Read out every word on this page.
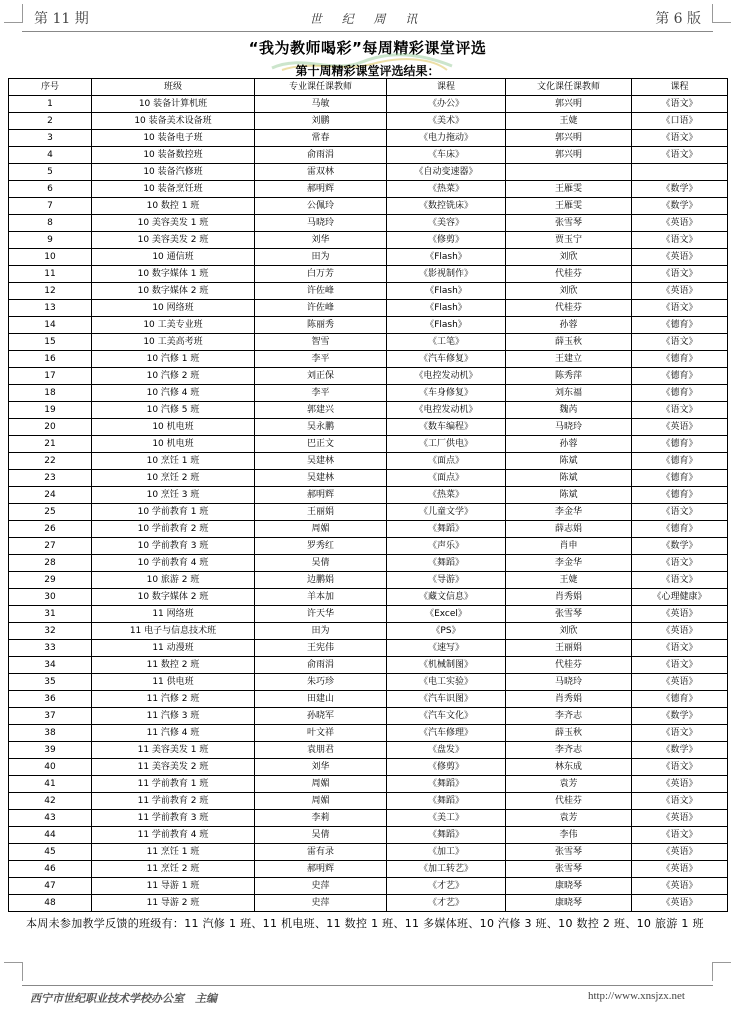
第 11 期	世 纪 周 讯	第 6 版
“我为教师喝彩”每周精彩课堂评选
第十周精彩课堂评选结果：
序号	班级	专业课任课教师	课程	文化课任课教师	课程
1	10 装备计算机班	马敏	《办公》	郭兴明	《语文》
2	10 装备美术设备班	刘鹏	《美术》	王婕	《口语》
3	10 装备电子班	常春	《电力拖动》	郭兴明	《语文》
4	10 装备数控班	俞雨涓	《车床》	郭兴明	《语文》
5	10 装备汽修班	雷双林	《自动变速器》		
6	10 装备烹饪班	郝明辉	《热菜》	王雁雯	《数学》
7	10 数控 1 班	公佩玲	《数控铣床》	王雁雯	《数学》
8	10 美容美发 1 班	马晓玲	《美容》	张雪琴	《英语》
9	10 美容美发 2 班	刘华	《修剪》	贾玉宁	《语文》
10	10 通信班	田为	《Flash》	刘欣	《英语》
11	10 数字媒体 1 班	白万芳	《影视制作》	代桂芬	《语文》
12	10 数字媒体 2 班	许佐峰	《Flash》	刘欣	《英语》
13	10 网络班	许佐峰	《Flash》	代桂芬	《语文》
14	10 工美专业班	陈丽秀	《Flash》	孙蓉	《德育》
15	10 工美高考班	智雪	《工笔》	薛玉秋	《语文》
16	10 汽修 1 班	李平	《汽车修复》	王建立	《德育》
17	10 汽修 2 班	刘正保	《电控发动机》	陈秀萍	《德育》
18	10 汽修 4 班	李平	《车身修复》	刘东福	《德育》
19	10 汽修 5 班	郭建兴	《电控发动机》	魏芮	《语文》
20	10 机电班	吴永鹏	《数车编程》	马晓玲	《英语》
21	10 机电班	巴正文	《工厂供电》	孙蓉	《德育》
22	10 烹饪 1 班	吴建林	《面点》	陈斌	《德育》
23	10 烹饪 2 班	吴建林	《面点》	陈斌	《德育》
24	10 烹饪 3 班	郝明辉	《热菜》	陈斌	《德育》
25	10 学前教育 1 班	王丽娟	《儿童文学》	李金华	《语文》
26	10 学前教育 2 班	周媚	《舞蹈》	薛志娟	《德育》
27	10 学前教育 3 班	罗秀红	《声乐》	肖申	《数学》
28	10 学前教育 4 班	吴倩	《舞蹈》	李金华	《语文》
29	10 旅游 2 班	边鹏娟	《导游》	王婕	《语文》
30	10 数字媒体 2 班	羊本加	《藏文信息》	肖秀娟	《心理健康》
31	11 网络班	许天华	《Excel》	张雪琴	《英语》
32	11 电子与信息技术班	田为	《PS》	刘欣	《英语》
33	11 动漫班	王宪伟	《速写》	王丽娟	《语文》
34	11 数控 2 班	俞雨涓	《机械制图》	代桂芬	《语文》
35	11 供电班	朱巧珍	《电工实验》	马晓玲	《英语》
36	11 汽修 2 班	田建山	《汽车识图》	肖秀娟	《德育》
37	11 汽修 3 班	孙晓军	《汽车文化》	李齐志	《数学》
38	11 汽修 4 班	叶文祥	《汽车修理》	薛玉秋	《语文》
39	11 美容美发 1 班	袁朋君	《盘发》	李齐志	《数学》
40	11 美容美发 2 班	刘华	《修剪》	林东成	《语文》
41	11 学前教育 1 班	周媚	《舞蹈》	袁芳	《英语》
42	11 学前教育 2 班	周媚	《舞蹈》	代桂芬	《语文》
43	11 学前教育 3 班	李莉	《美工》	袁芳	《英语》
44	11 学前教育 4 班	吴倩	《舞蹈》	李伟	《语文》
45	11 烹饪 1 班	雷有录	《加工》	张雪琴	《英语》
46	11 烹饪 2 班	郝明辉	《加工转艺》	张雪琴	《英语》
47	11 导游 1 班	史萍	《才艺》	康晓琴	《英语》
48	11 导游 2 班	史萍	《才艺》	康晓琴	《英语》
本周未参加教学反馈的班级有：11 汽修 1 班、11 机电班、11 数控 1 班、11 多媒体班、10 汽修 3 班、10 数控 2 班、10 旅游 1 班
西宁市世纪职业技术学校办公室　主编	http://www.xnsjzx.net
